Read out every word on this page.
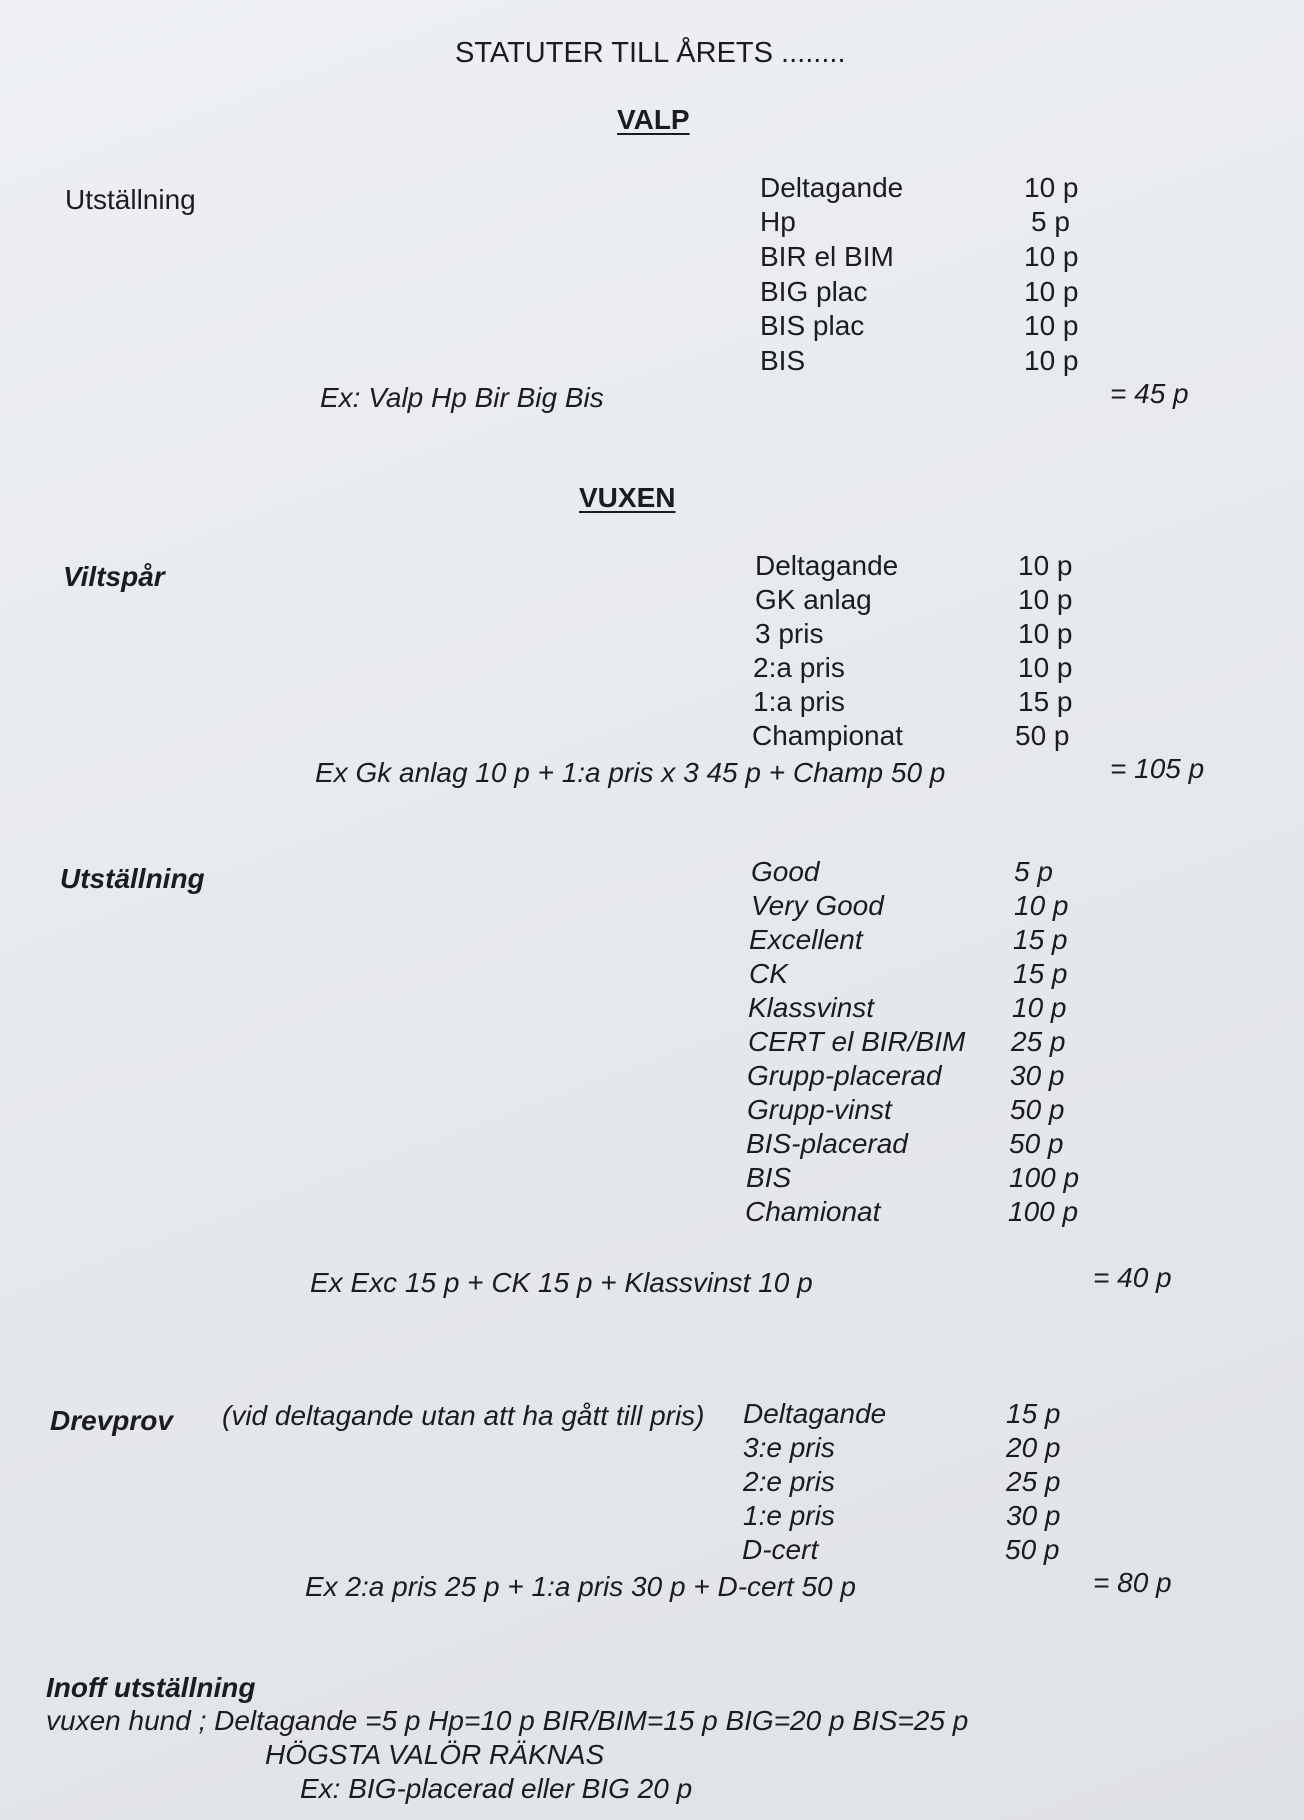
STATUTER TILL ÅRETS ........
VALP
Utställning	Deltagande	10 p
Hp	5 p
BIR el BIM	10 p
BIG plac	10 p
BIS plac	10 p
BIS	10 p
Ex: Valp Hp Bir Big Bis	= 45 p
VUXEN
Viltspår	Deltagande	10 p
GK anlag	10 p
3 pris	10 p
2:a pris	10 p
1:a pris	15 p
Championat	50 p
Ex Gk anlag 10 p + 1:a pris x 3 45 p + Champ 50 p	= 105 p
Utställning	Good	5 p
Very Good	10 p
Excellent	15 p
CK	15 p
Klassvinst	10 p
CERT el BIR/BIM 25 p
Grupp-placerad 30 p
Grupp-vinst	50 p
BIS-placerad	50 p
BIS	100 p
Chamionat	100 p
Ex Exc 15 p + CK 15 p + Klassvinst 10 p	= 40 p
Drevprov (vid deltagande utan att ha gått till pris) Deltagande	15 p
3:e pris	20 p
2:e pris	25 p
1:e pris	30 p
D-cert	50 p
Ex 2:a pris 25 p + 1:a pris 30 p + D-cert 50 p	= 80 p
Inoff utställning
vuxen hund ; Deltagande =5 p Hp=10 p BIR/BIM=15 p BIG=20 p BIS=25 p
HÖGSTA VALÖR RÄKNAS
Ex: BIG-placerad eller BIG 20 p
